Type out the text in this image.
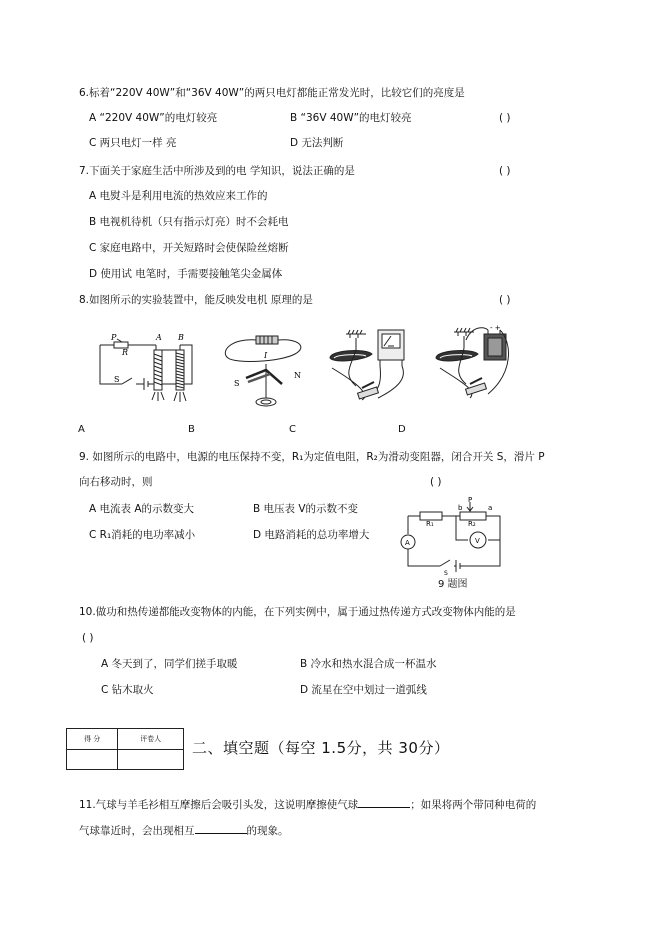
6.标着“220V 40W”和“36V 40W”的两只电灯都能正常发光时，比较它们的亮度是
A “220V 40W”的电灯较亮	B “36V 40W”的电灯较亮	( )
C 两只电灯一样 亮	D 无法判断
7.下面关于家庭生活中所涉及到的电 学知识，说法正确的是	( )
A 电熨斗是利用电流的热效应来工作的
B 电视机待机（只有指示灯亮）时不会耗电
C 家庭电路中，开关短路时会使保险丝熔断
D 使用试 电笔时，手需要接触笔尖金属体
8.如图所示的实验装置中，能反映发电机 原理的是	( )
P
R
S
A B
I
S
N
- +
A	B	C	D
9. 如图所示的电路中，电源的电压保持不变，R₁为定值电阻，R₂为滑动变阻器，闭合开关 S，滑片 P
向右移动时，则	( )
A 电流表 A的示数变大	B 电压表 V的示数不变
C R₁消耗的电功率减小	D 电路消耗的总功率增大
P
R₁	R₂
b	a
A	V
S
9 题图
10.做功和热传递都能改变物体的内能，在下列实例中，属于通过热传递方式改变物体内能的是
( )
A 冬天到了，同学们搓手取暖	B 冷水和热水混合成一杯温水
C 钻木取火	D 流星在空中划过一道弧线
得 分	评卷人

二、填空题（每空 1.5分，共 30分）
11.气球与羊毛衫相互摩擦后会吸引头发，这说明摩擦使气球	；如果将两个带同种电荷的
气球靠近时，会出现相互	的现象。
